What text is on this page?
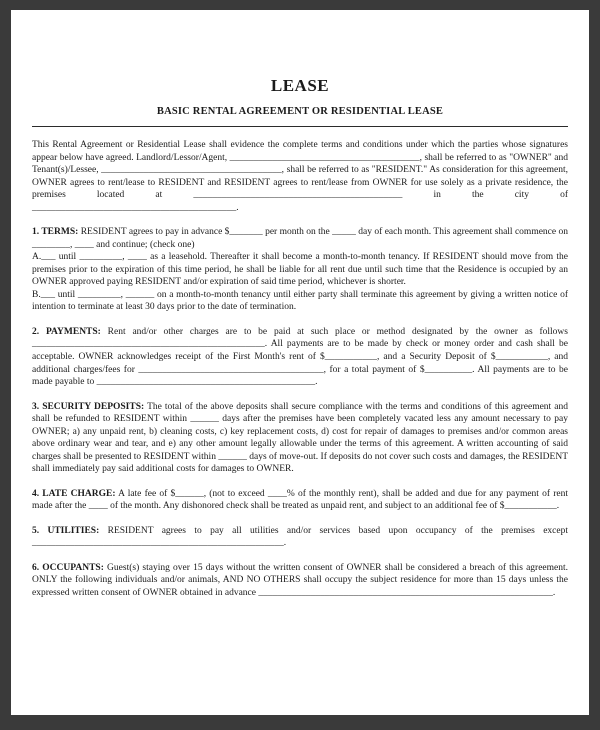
LEASE
BASIC RENTAL AGREEMENT OR RESIDENTIAL LEASE

This Rental Agreement or Residential Lease shall evidence the complete terms and conditions under which the parties whose signatures appear below have agreed. Landlord/Lessor/Agent, ________________________________________, shall be referred to as "OWNER" and Tenant(s)/Lessee, ______________________________________, shall be referred to as "RESIDENT." As consideration for this agreement, OWNER agrees to rent/lease to RESIDENT and RESIDENT agrees to rent/lease from OWNER for use solely as a private residence, the premises located at ____________________________________________ in the city of ___________________________________________.

1. TERMS: RESIDENT agrees to pay in advance $_______ per month on the _____ day of each month. This agreement shall commence on ________, ____ and continue; (check one)

A.___ until _________, ____ as a leasehold. Thereafter it shall become a month-to-month tenancy. If RESIDENT should move from the premises prior to the expiration of this time period, he shall be liable for all rent due until such time that the Residence is occupied by an OWNER approved paying RESIDENT and/or expiration of said time period, whichever is shorter.

B.___ until _________, ______ on a month-to-month tenancy until either party shall terminate this agreement by giving a written notice of intention to terminate at least 30 days prior to the date of termination.

2. PAYMENTS: Rent and/or other charges are to be paid at such place or method designated by the owner as follows _________________________________________________. All payments are to be made by check or money order and cash shall be acceptable. OWNER acknowledges receipt of the First Month's rent of $___________, and a Security Deposit of $___________, and additional charges/fees for _______________________________________, for a total payment of $__________. All payments are to be made payable to ______________________________________________.

3. SECURITY DEPOSITS: The total of the above deposits shall secure compliance with the terms and conditions of this agreement and shall be refunded to RESIDENT within ______ days after the premises have been completely vacated less any amount necessary to pay OWNER; a) any unpaid rent, b) cleaning costs, c) key replacement costs, d) cost for repair of damages to premises and/or common areas above ordinary wear and tear, and e) any other amount legally allowable under the terms of this agreement. A written accounting of said charges shall be presented to RESIDENT within ______ days of move-out. If deposits do not cover such costs and damages, the RESIDENT shall immediately pay said additional costs for damages to OWNER.

4. LATE CHARGE: A late fee of $______, (not to exceed ____% of the monthly rent), shall be added and due for any payment of rent made after the ____ of the month. Any dishonored check shall be treated as unpaid rent, and subject to an additional fee of $___________.

5. UTILITIES: RESIDENT agrees to pay all utilities and/or services based upon occupancy of the premises except _____________________________________________________.

6. OCCUPANTS: Guest(s) staying over 15 days without the written consent of OWNER shall be considered a breach of this agreement. ONLY the following individuals and/or animals, AND NO OTHERS shall occupy the subject residence for more than 15 days unless the expressed written consent of OWNER obtained in advance ______________________________________________________________.
